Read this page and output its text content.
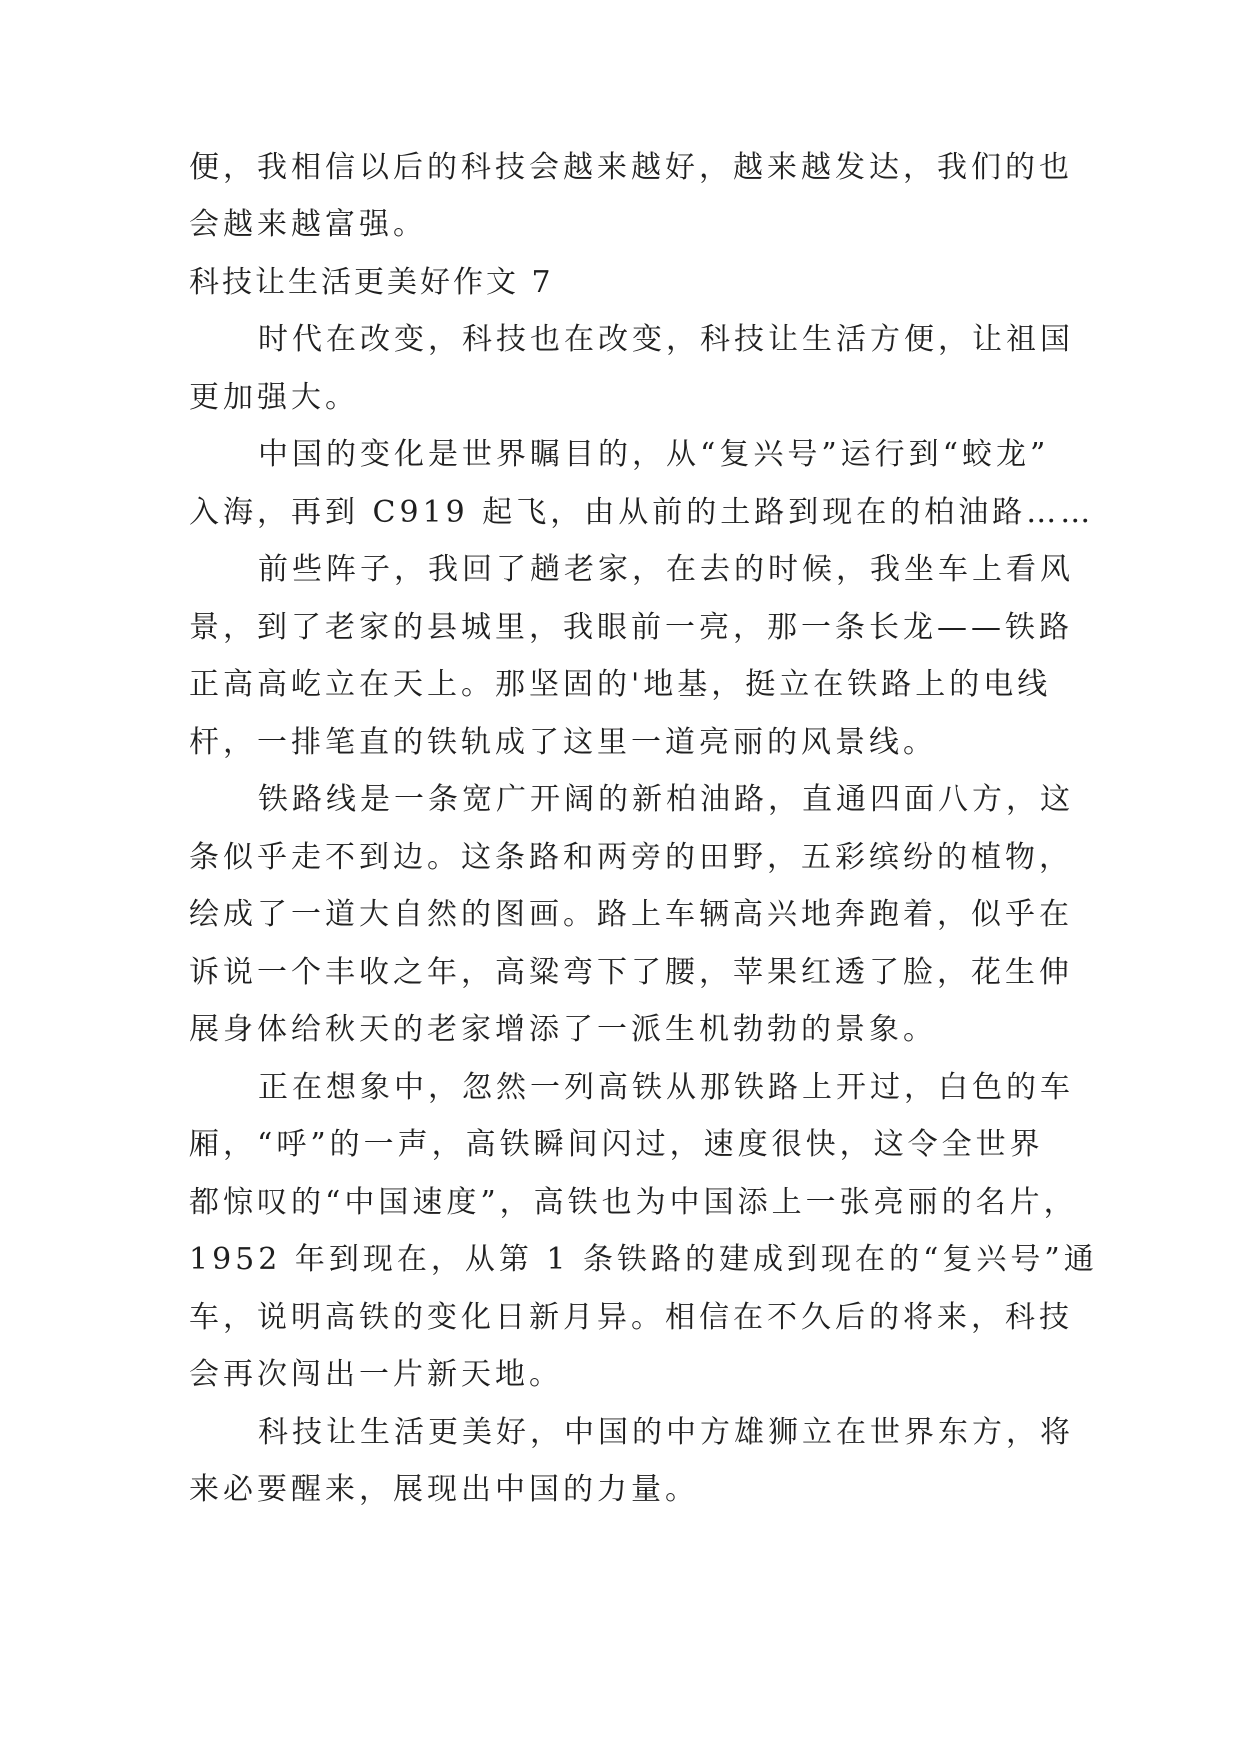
便，我相信以后的科技会越来越好，越来越发达，我们的也
会越来越富强。
科技让生活更美好作文 7
时代在改变，科技也在改变，科技让生活方便，让祖国
更加强大。
中国的变化是世界瞩目的，从“复兴号”运行到“蛟龙”
入海，再到 C919 起飞，由从前的土路到现在的柏油路……
前些阵子，我回了趟老家，在去的时候，我坐车上看风
景，到了老家的县城里，我眼前一亮，那一条长龙——铁路
正高高屹立在天上。那坚固的'地基，挺立在铁路上的电线
杆，一排笔直的铁轨成了这里一道亮丽的风景线。
铁路线是一条宽广开阔的新柏油路，直通四面八方，这
条似乎走不到边。这条路和两旁的田野，五彩缤纷的植物，
绘成了一道大自然的图画。路上车辆高兴地奔跑着，似乎在
诉说一个丰收之年，高粱弯下了腰，苹果红透了脸，花生伸
展身体给秋天的老家增添了一派生机勃勃的景象。
正在想象中，忽然一列高铁从那铁路上开过，白色的车
厢，“呼”的一声，高铁瞬间闪过，速度很快，这令全世界
都惊叹的“中国速度”，高铁也为中国添上一张亮丽的名片，
1952 年到现在，从第 1 条铁路的建成到现在的“复兴号”通
车，说明高铁的变化日新月异。相信在不久后的将来，科技
会再次闯出一片新天地。
科技让生活更美好，中国的中方雄狮立在世界东方，将
来必要醒来，展现出中国的力量。
